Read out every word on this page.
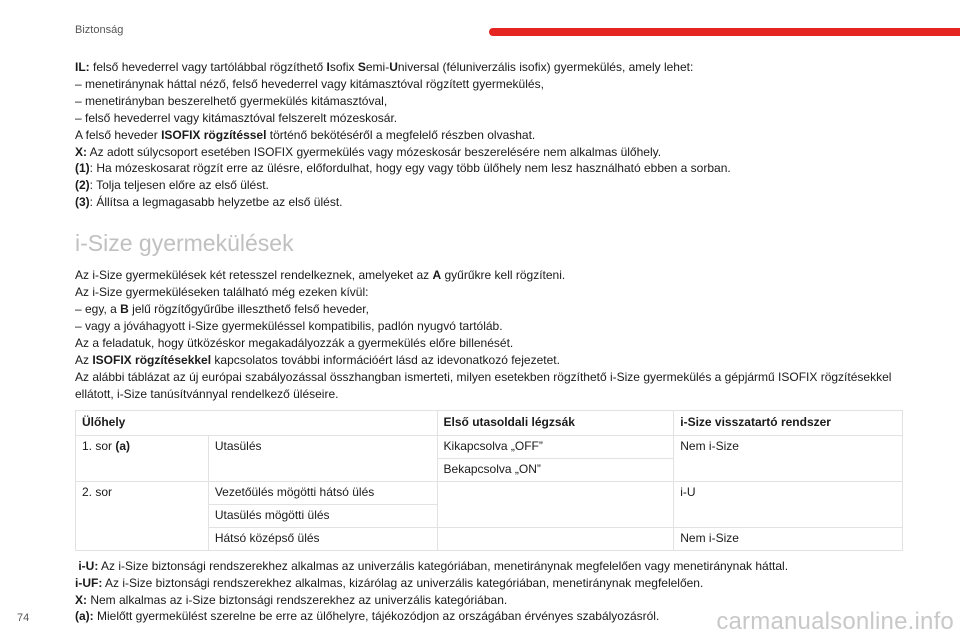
Biztonság

IL: felső hevederrel vagy tartólábbal rögzíthető Isofix Semi-Universal (féluniverzális isofix) gyermekülés, amely lehet:

– menetiránynak háttal néző, felső hevederrel vagy kitámasztóval rögzített gyermekülés,

– menetirányban beszerelhető gyermekülés kitámasztóval,

– felső hevederrel vagy kitámasztóval felszerelt mózeskosár.

A felső heveder ISOFIX rögzítéssel történő bekötéséről a megfelelő részben olvashat.

X: Az adott súlycsoport esetében ISOFIX gyermekülés vagy mózeskosár beszerelésére nem alkalmas ülőhely.

(1): Ha mózeskosarat rögzít erre az ülésre, előfordulhat, hogy egy vagy több ülőhely nem lesz használható ebben a sorban.

(2): Tolja teljesen előre az első ülést.

(3): Állítsa a legmagasabb helyzetbe az első ülést.

i-Size gyermekülések

Az i-Size gyermekülések két retesszel rendelkeznek, amelyeket az A gyűrűkre kell rögzíteni.

Az i-Size gyermeküléseken található még ezeken kívül:

– egy, a B jelű rögzítőgyűrűbe illeszthető felső heveder,

– vagy a jóváhagyott i-Size gyermeküléssel kompatibilis, padlón nyugvó tartóláb.

Az a feladatuk, hogy ütközéskor megakadályozzák a gyermekülés előre billenését.

Az ISOFIX rögzítésekkel kapcsolatos további információért lásd az idevonatkozó fejezetet.

Az alábbi táblázat az új európai szabályozással összhangban ismerteti, milyen esetekben rögzíthető i-Size gyermekülés a gépjármű ISOFIX rögzítésekkel ellátott, i-Size tanúsítvánnyal rendelkező üléseire.

Ülőhely		Első utasoldali légzsák	i-Size visszatartó rendszer
1. sor (a)	Utasülés	Kikapcsolva „OFF”	Nem i-Size
		Bekapcsolva „ON”	
2. sor	Vezetőülés mögötti hátsó ülés		i-U
	Utasülés mögötti ülés		
	Hátsó középső ülés		Nem i-Size

i-U: Az i-Size biztonsági rendszerekhez alkalmas az univerzális kategóriában, menetiránynak megfelelően vagy menetiránynak háttal.

i-UF: Az i-Size biztonsági rendszerekhez alkalmas, kizárólag az univerzális kategóriában, menetiránynak megfelelően.

X: Nem alkalmas az i-Size biztonsági rendszerekhez az univerzális kategóriában.

(a): Mielőtt gyermekülést szerelne be erre az ülőhelyre, tájékozódjon az országában érvényes szabályozásról.

74	carmanualsonline.info
